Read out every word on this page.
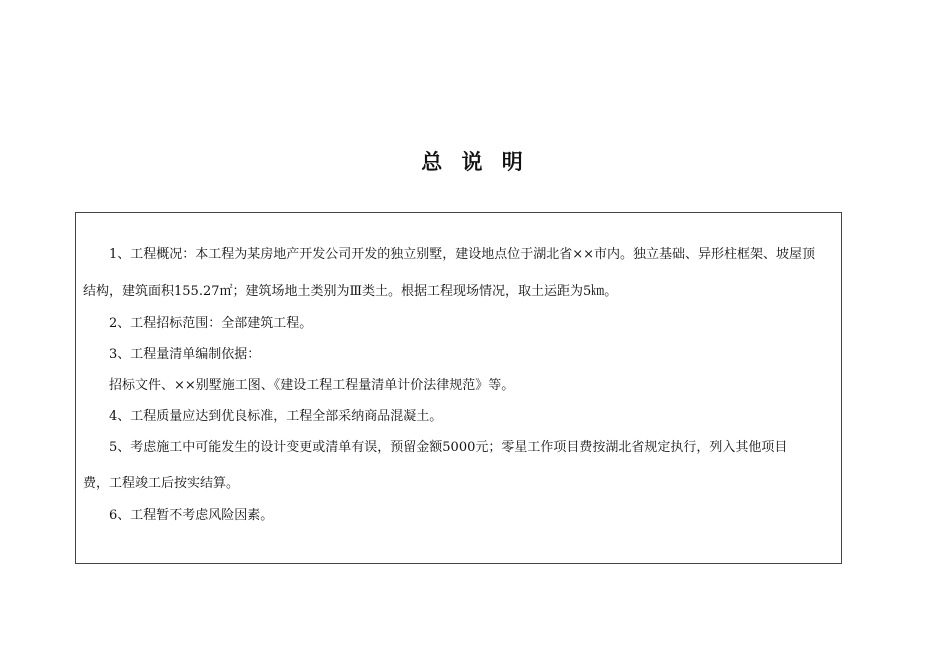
总 说 明
1、工程概况：本工程为某房地产开发公司开发的独立别墅，建设地点位于湖北省××市内。独立基础、异形柱框架、坡屋顶
结构，建筑面积155.27㎡；建筑场地土类别为Ⅲ类土。根据工程现场情况，取土运距为5㎞。
2、工程招标范围：全部建筑工程。
3、工程量清单编制依据：
招标文件、××别墅施工图、《建设工程工程量清单计价法律规范》等。
4、工程质量应达到优良标准，工程全部采纳商品混凝土。
5、考虑施工中可能发生的设计变更或清单有误，预留金额5000元；零星工作项目费按湖北省规定执行，列入其他项目
费，工程竣工后按实结算。
6、工程暂不考虑风险因素。
